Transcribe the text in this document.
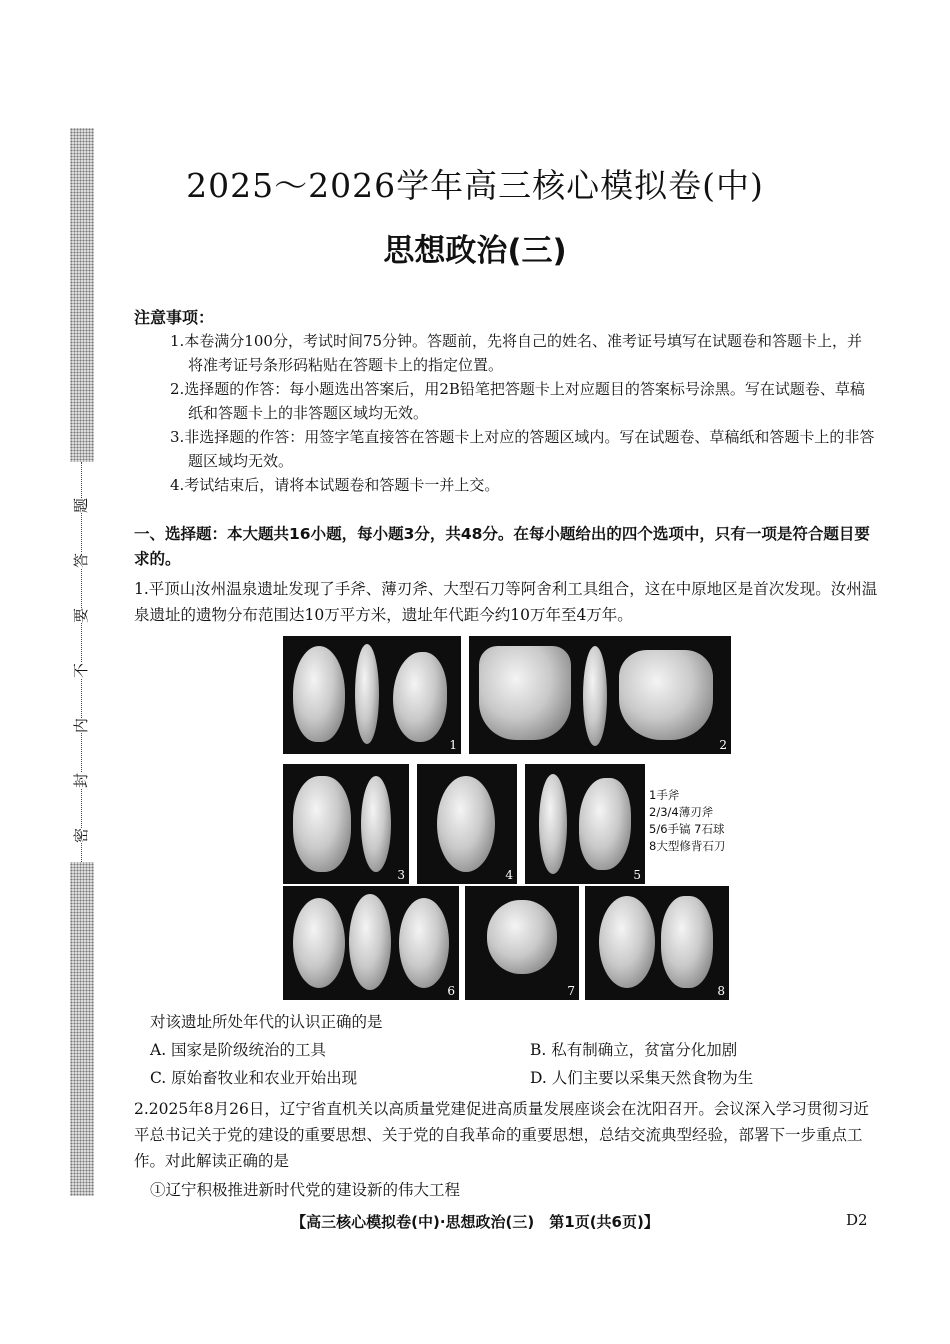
题
答
要
不
内
封
密
2025～2026学年高三核心模拟卷(中)
思想政治(三)
注意事项：

1.本卷满分100分，考试时间75分钟。答题前，先将自己的姓名、准考证号填写在试题卷和答题卡上，并将准考证号条形码粘贴在答题卡上的指定位置。

2.选择题的作答：每小题选出答案后，用2B铅笔把答题卡上对应题目的答案标号涂黑。写在试题卷、草稿纸和答题卡上的非答题区域均无效。

3.非选择题的作答：用签字笔直接答在答题卡上对应的答题区域内。写在试题卷、草稿纸和答题卡上的非答题区域均无效。

4.考试结束后，请将本试题卷和答题卡一并上交。

一、选择题：本大题共16小题，每小题3分，共48分。在每小题给出的四个选项中，只有一项是符合题目要求的。
1.平顶山汝州温泉遗址发现了手斧、薄刃斧、大型石刀等阿舍利工具组合，这在中原地区是首次发现。汝州温泉遗址的遗物分布范围达10万平方米，遗址年代距今约10万年至4万年。
1	2
3	4	5
6	7	8
1手斧
2/3/4薄刃斧
5/6手镐 7石球
8大型修背石刀
对该遗址所处年代的认识正确的是
A. 国家是阶级统治的工具	B. 私有制确立，贫富分化加剧
C. 原始畜牧业和农业开始出现	D. 人们主要以采集天然食物为生
2.2025年8月26日，辽宁省直机关以高质量党建促进高质量发展座谈会在沈阳召开。会议深入学习贯彻习近平总书记关于党的建设的重要思想、关于党的自我革命的重要思想，总结交流典型经验，部署下一步重点工作。对此解读正确的是
①辽宁积极推进新时代党的建设新的伟大工程
【高三核心模拟卷(中)·思想政治(三)　第1页(共6页)】	D2
